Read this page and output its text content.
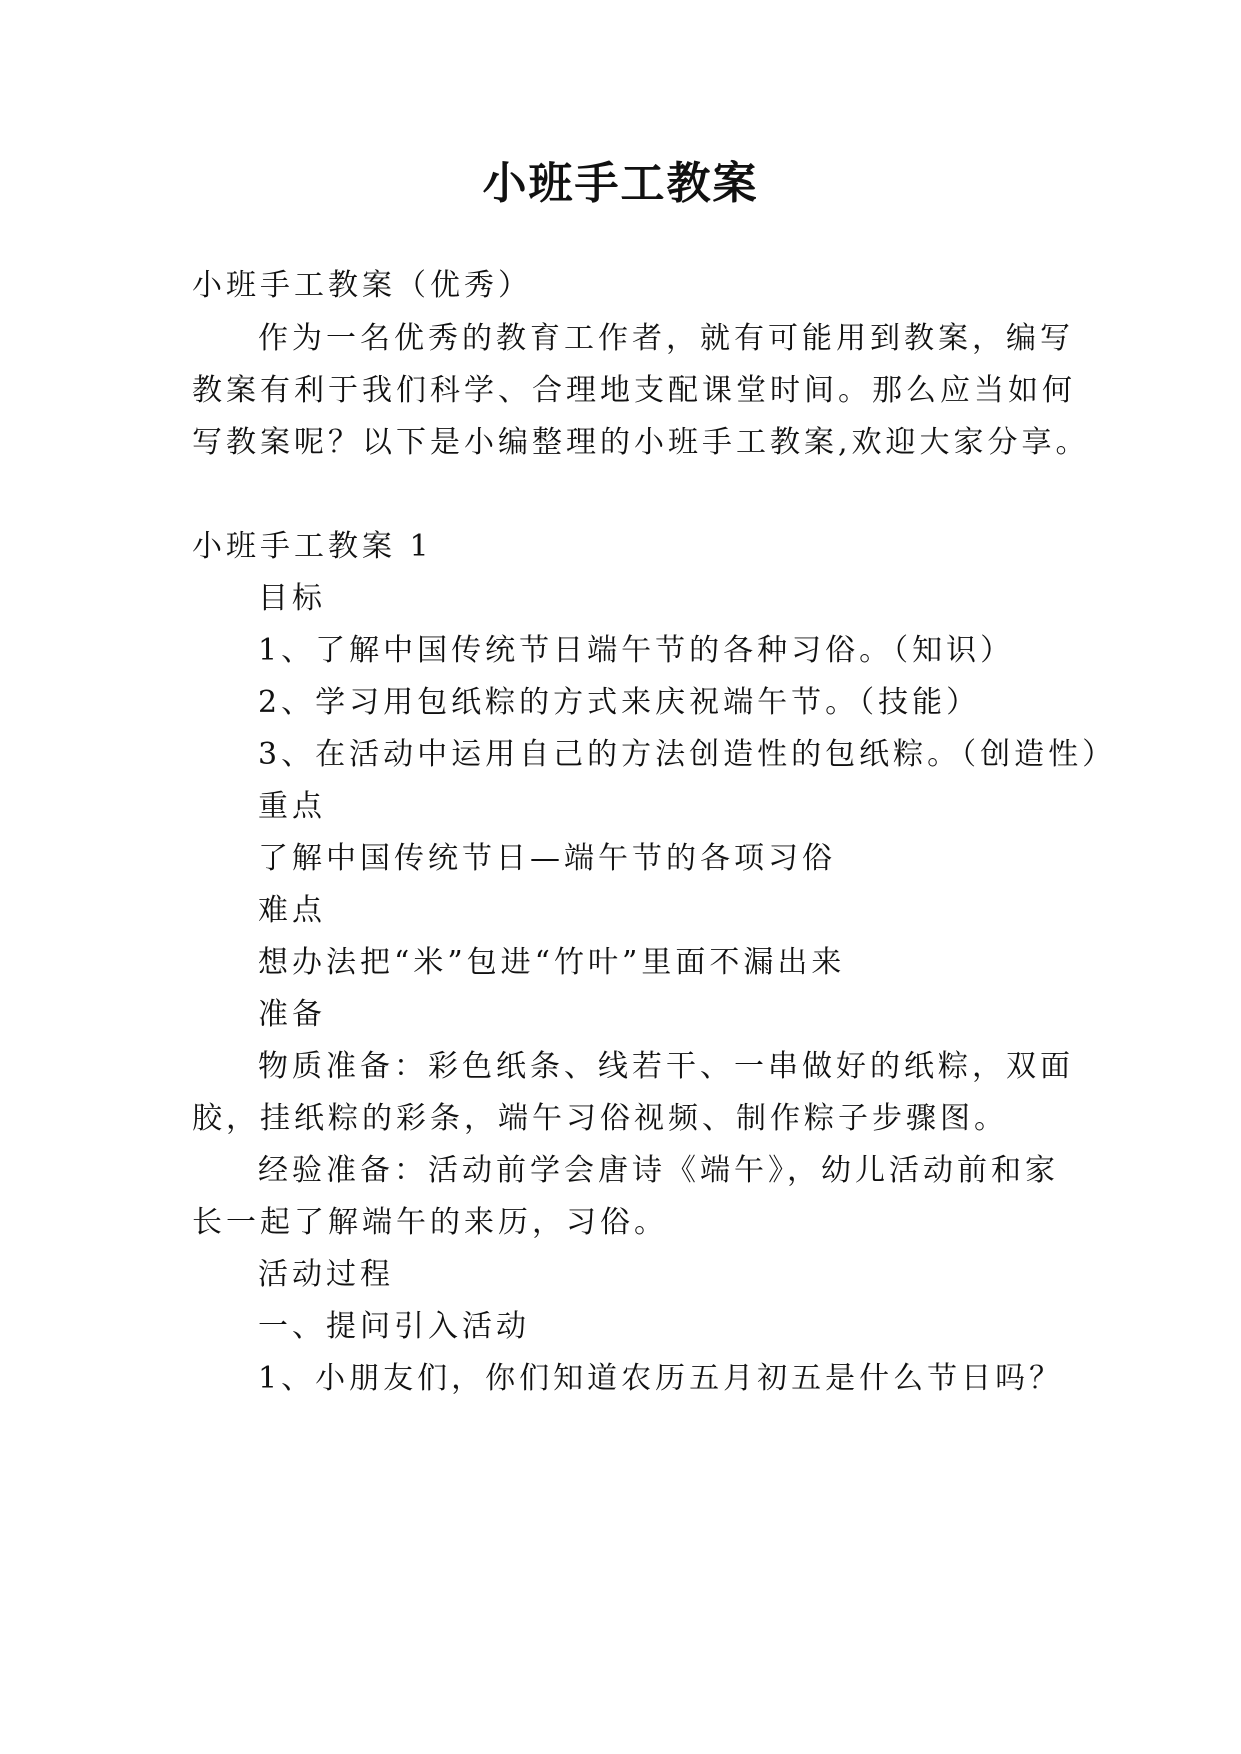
小班手工教案
小班手工教案（优秀）
作为一名优秀的教育工作者，就有可能用到教案，编写
教案有利于我们科学、合理地支配课堂时间。那么应当如何
写教案呢？以下是小编整理的小班手工教案,欢迎大家分享。
小班手工教案 1
目标
1、了解中国传统节日端午节的各种习俗。（知识）
2、学习用包纸粽的方式来庆祝端午节。（技能）
3、在活动中运用自己的方法创造性的包纸粽。（创造性）
重点
了解中国传统节日—端午节的各项习俗
难点
想办法把“米”包进“竹叶”里面不漏出来
准备
物质准备：彩色纸条、线若干、一串做好的纸粽，双面
胶，挂纸粽的彩条，端午习俗视频、制作粽子步骤图。
经验准备：活动前学会唐诗《端午》，幼儿活动前和家
长一起了解端午的来历，习俗。
活动过程
一、提问引入活动
1、小朋友们，你们知道农历五月初五是什么节日吗？
